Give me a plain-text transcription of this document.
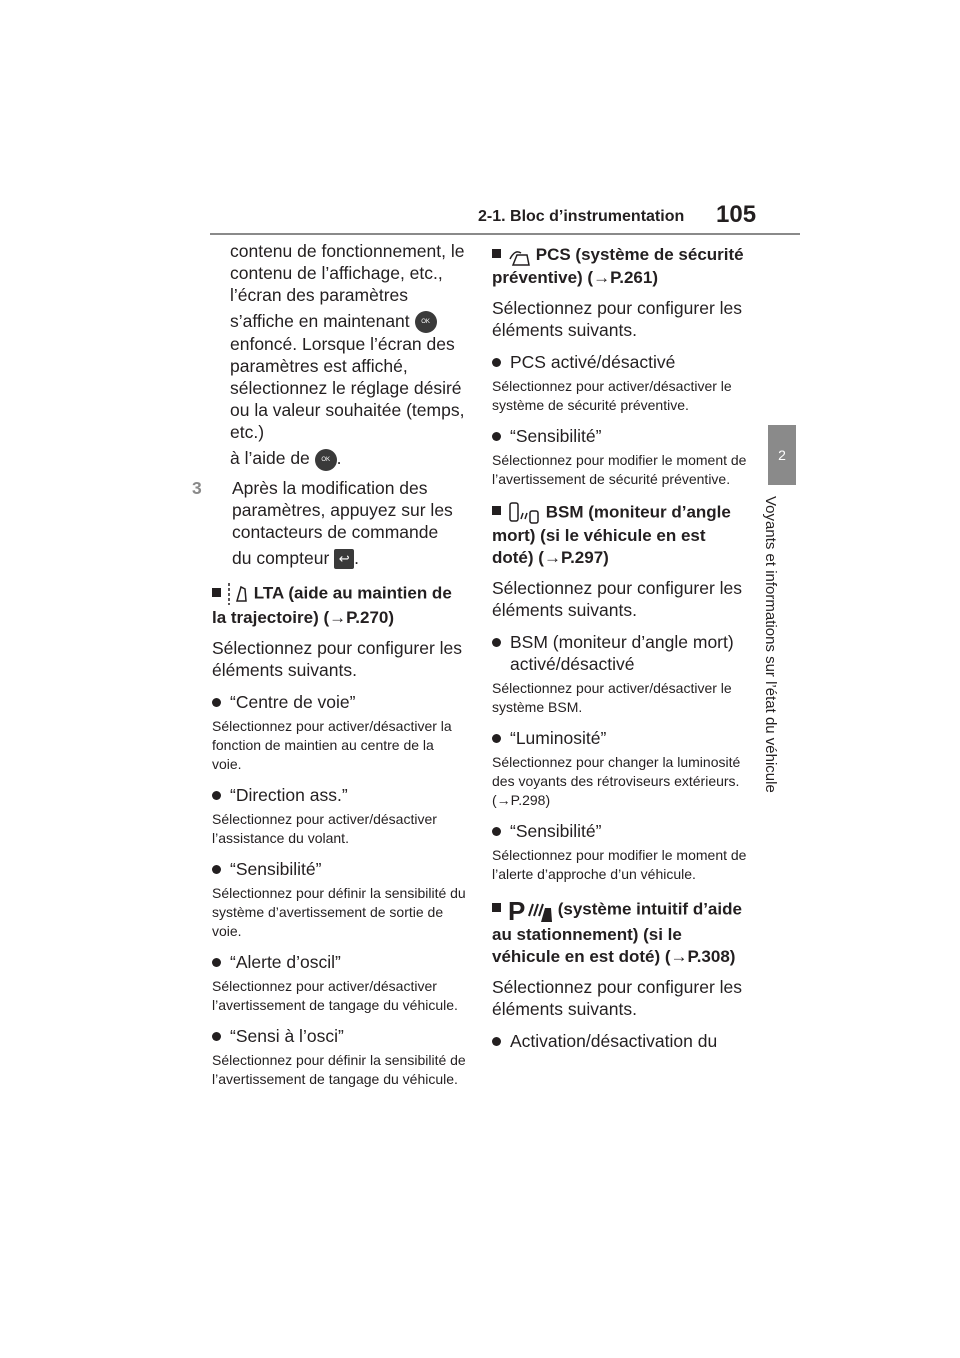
2-1. Bloc d’instrumentation 105
2
Voyants et informations sur l’état du véhicule

contenu de fonctionnement, le contenu de l’affichage, etc., l’écran des paramètres

s’affiche en maintenant OK

enfoncé. Lorsque l’écran des paramètres est affiché, sélectionnez le réglage désiré ou la valeur souhaitée (temps, etc.)

à l’aide de OK .

3 Après la modification des paramètres, appuyez sur les contacteurs de commande

du compteur ↩ .

LTA (aide au maintien de la trajectoire) (→P.270)

Sélectionnez pour configurer les éléments suivants.

“Centre de voie”

Sélectionnez pour activer/désactiver la fonction de maintien au centre de la voie.

“Direction ass.”

Sélectionnez pour activer/désactiver l’assistance du volant.

“Sensibilité”

Sélectionnez pour définir la sensibilité du système d’avertissement de sortie de voie.

“Alerte d’oscil”

Sélectionnez pour activer/désactiver l’avertissement de tangage du véhicule.

“Sensi à l’osci”

Sélectionnez pour définir la sensibilité de l’avertissement de tangage du véhicule.

PCS (système de sécurité préventive) (→P.261)

Sélectionnez pour configurer les éléments suivants.

PCS activé/désactivé

Sélectionnez pour activer/désactiver le système de sécurité préventive.

“Sensibilité”

Sélectionnez pour modifier le moment de l’avertissement de sécurité préventive.

BSM (moniteur d’angle mort) (si le véhicule en est doté) (→P.297)

Sélectionnez pour configurer les éléments suivants.

BSM (moniteur d’angle mort) activé/désactivé

Sélectionnez pour activer/désactiver le système BSM.

“Luminosité”

Sélectionnez pour changer la luminosité des voyants des rétroviseurs extérieurs. (→P.298)

“Sensibilité”

Sélectionnez pour modifier le moment de l’alerte d’approche d’un véhicule.

P (système intuitif d’aide au stationnement) (si le véhicule en est doté) (→P.308)

Sélectionnez pour configurer les éléments suivants.

Activation/désactivation du
